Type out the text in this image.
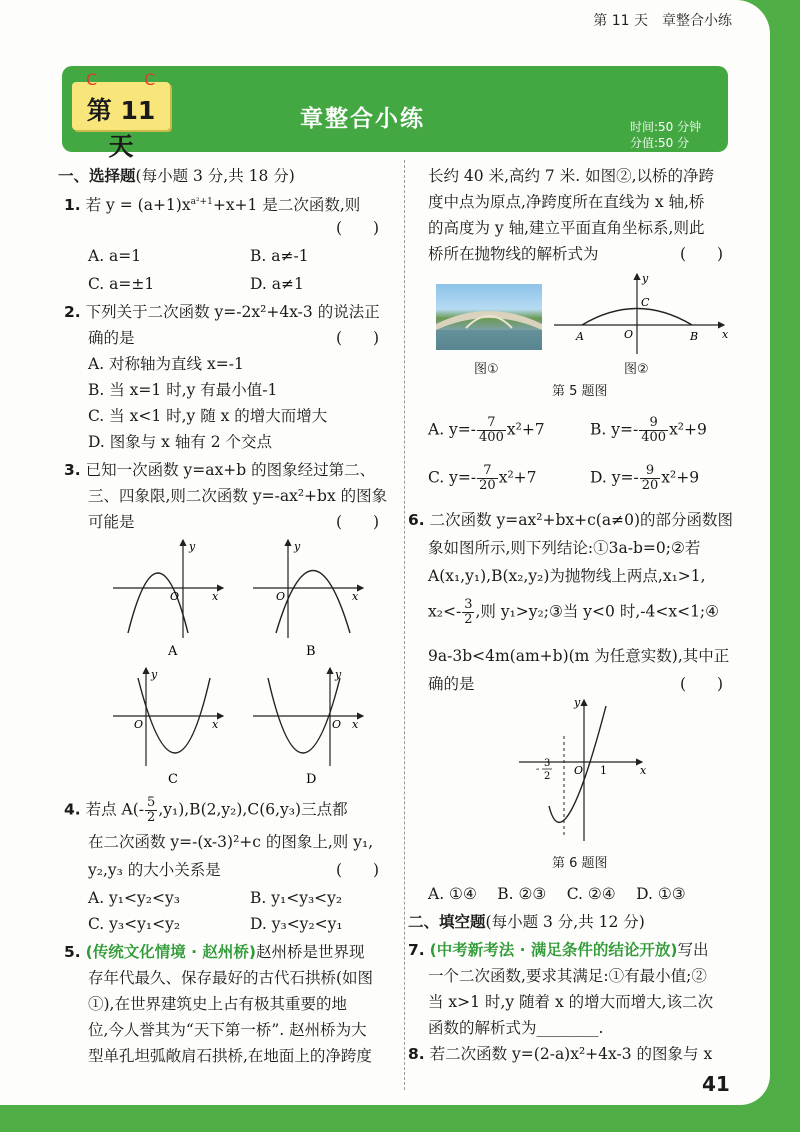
第 11 天　章整合小练
C	C
第 11 天
章整合小练	时间:50 分钟
分值:50 分
一、选择题(每小题 3 分,共 18 分)
1. 若 $y = (a+1)x^{a^2+1}+x+1$ 是二次函数,则
(　　)
A. a=1	B. a≠-1
C. a=±1	D. a≠1
2. 下列关于二次函数 y=-2x²+4x-3 的说法正
确的是	(　　)
A. 对称轴为直线 x=-1
B. 当 x=1 时,y 有最小值-1
C. 当 x<1 时,y 随 x 的增大而增大
D. 图象与 x 轴有 2 个交点
3. 已知一次函数 y=ax+b 的图象经过第二、
三、四象限,则二次函数 y=-ax²+bx 的图象
可能是	(　　)
y
x
O
A
y
x
O
B
y
x
O
C
y
x
O
D
4. 若点 $A(- \frac{5}{2} ,y_1),B(2,y_2),C(6,y_3)$三点都
在二次函数 y=-(x-3)²+c 的图象上,则 y₁,
y₂,y₃ 的大小关系是	(　　)
A. y₁<y₂<y₃	B. y₁<y₃<y₂
C. y₃<y₁<y₂	D. y₃<y₂<y₁
5. (传统文化情境 · 赵州桥)赵州桥是世界现
存年代最久、保存最好的古代石拱桥(如图
①),在世界建筑史上占有极其重要的地
位,今人誉其为“天下第一桥”. 赵州桥为大
型单孔坦弧敞肩石拱桥,在地面上的净跨度
长约 40 米,高约 7 米. 如图②,以桥的净跨
度中点为原点,净跨度所在直线为 x 轴,桥
的高度为 y 轴,建立平面直角坐标系,则此
桥所在抛物线的解析式为	(　　)
图①
y
x
C
O
A	B
图②
第 5 题图
A. $y=- \frac{7}{400} x^2+7$	B. $y=- \frac{9}{400} x^2+9$
C. $y=- \frac{7}{20} x^2+7$	D. $y=- \frac{9}{20} x^2+9$
6. 二次函数 y=ax²+bx+c(a≠0)的部分函数图
象如图所示,则下列结论:①3a-b=0;②若
A(x₁,y₁),B(x₂,y₂)为抛物线上两点,x₁>1,
$x_2<- \frac{3}{2}$ ,则 y₁>y₂;③当 y<0 时,-4<x<1;④
9a-3b<4m(am+b)(m 为任意实数),其中正
确的是	(　　)
y
x
O 1
-
3
2
第 6 题图
A. ①④　 B. ②③　 C. ②④　 D. ①③
二、填空题(每小题 3 分,共 12 分)
7. (中考新考法 · 满足条件的结论开放)写出
一个二次函数,要求其满足:①有最小值;②
当 x>1 时,y 随着 x 的增大而增大,该二次
函数的解析式为________.
8. 若二次函数 y=(2-a)x²+4x-3 的图象与 x
41
